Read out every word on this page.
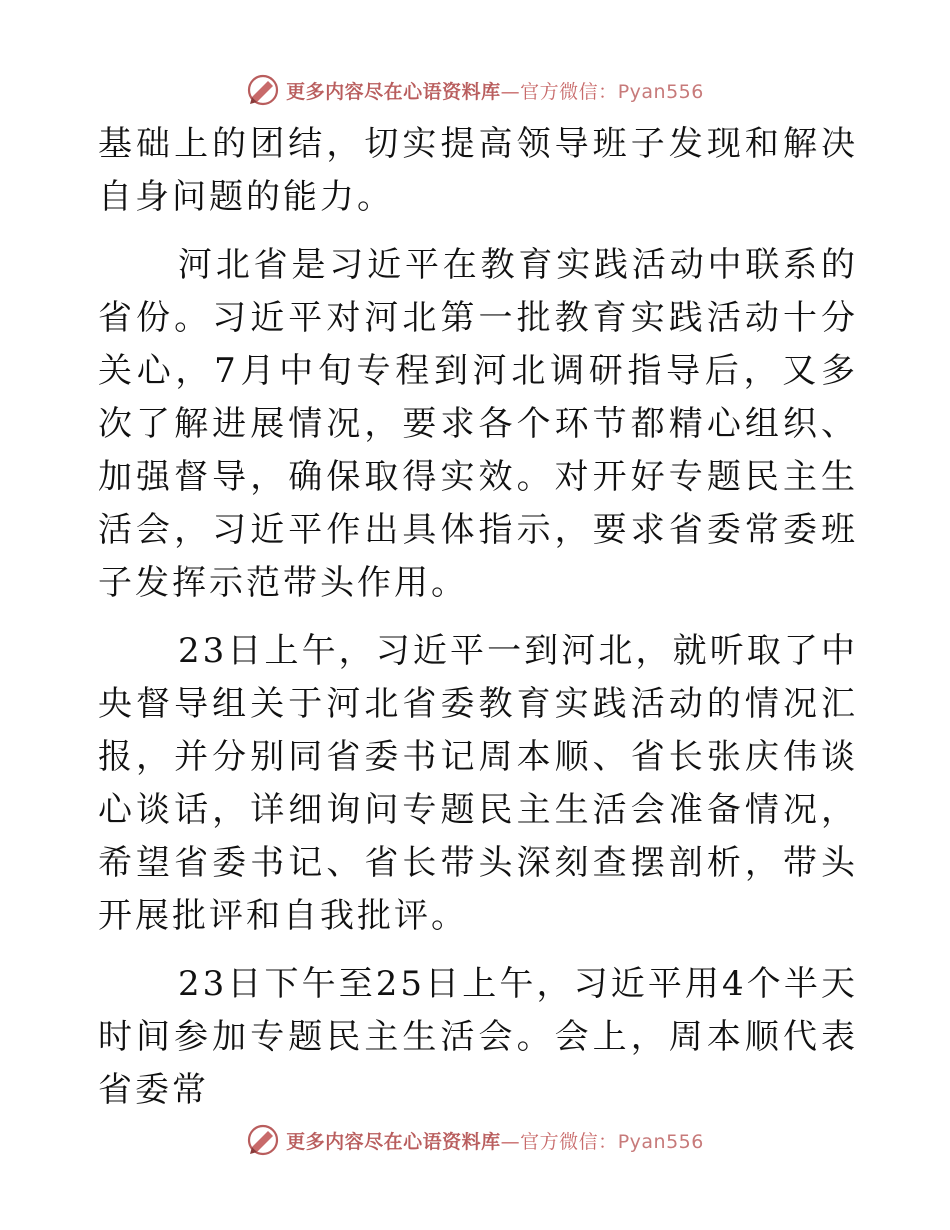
更多内容尽在心语资料库—官方微信：Pyan556

基础上的团结，切实提高领导班子发现和解决自身问题的能力。

河北省是习近平在教育实践活动中联系的省份。习近平对河北第一批教育实践活动十分关心，7月中旬专程到河北调研指导后，又多次了解进展情况，要求各个环节都精心组织、加强督导，确保取得实效。对开好专题民主生活会，习近平作出具体指示，要求省委常委班子发挥示范带头作用。

23日上午，习近平一到河北，就听取了中央督导组关于河北省委教育实践活动的情况汇报，并分别同省委书记周本顺、省长张庆伟谈心谈话，详细询问专题民主生活会准备情况，希望省委书记、省长带头深刻查摆剖析，带头开展批评和自我批评。

23日下午至25日上午，习近平用4个半天时间参加专题民主生活会。会上，周本顺代表省委常

更多内容尽在心语资料库—官方微信：Pyan556
